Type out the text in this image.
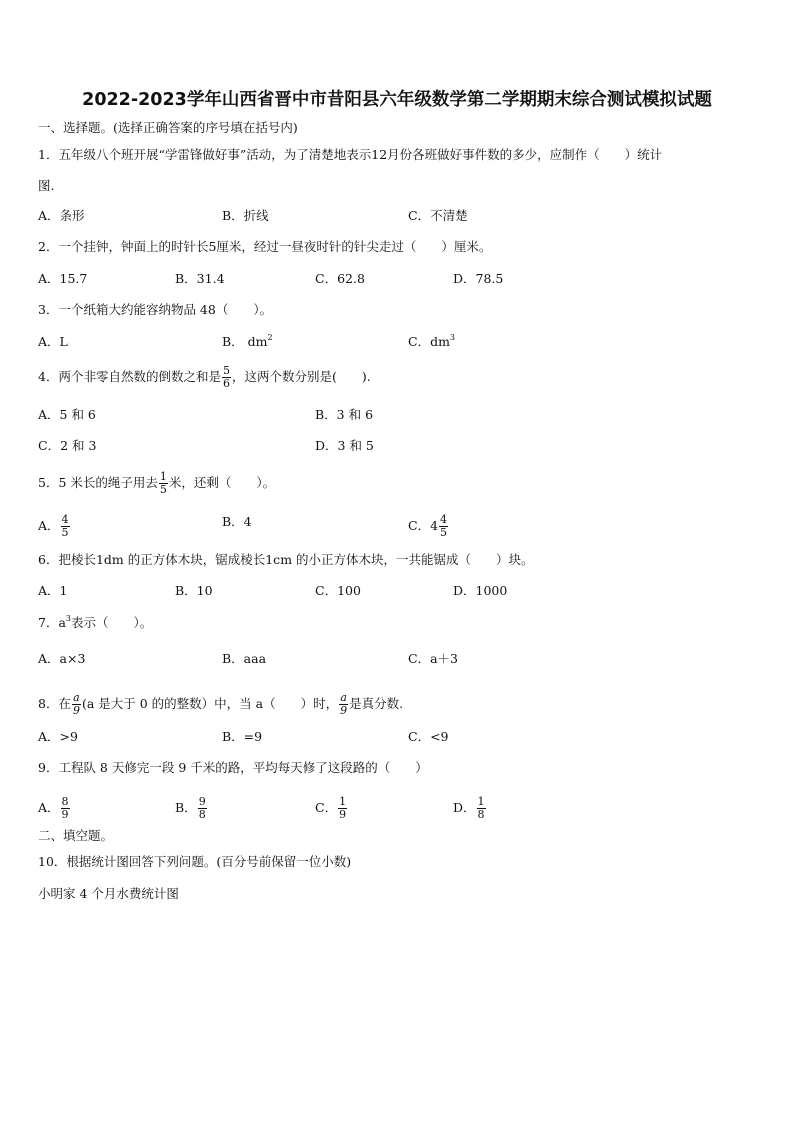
2022-2023学年山西省晋中市昔阳县六年级数学第二学期期末综合测试模拟试题
一、选择题。(选择正确答案的序号填在括号内)
1．五年级八个班开展“学雷锋做好事”活动，为了清楚地表示12月份各班做好事件数的多少，应制作（　　）统计
图.
A．条形	B．折线	C．不清楚
2．一个挂钟，钟面上的时针长5厘米，经过一昼夜时针的针尖走过（　　）厘米。
A．15.7	B．31.4	C．62.8	D．78.5
3．一个纸箱大约能容纳物品 48（　　）。
A．L	B． $dm^2$	C．$dm^3$
4．两个非零自然数的倒数之和是 $\frac{5}{6}$ ，这两个数分别是(　　).
A．5 和 6	B．3 和 6
C．2 和 3	D．3 和 5
5．5 米长的绳子用去 $\frac{1}{5}$ 米，还剩（　　）。
A． $\frac{4}{5}$	B．4	C．$4 \frac{4}{5}$
6．把棱长1dm 的正方体木块，锯成棱长1cm 的小正方体木块，一共能锯成（　　）块。
A．1	B．10	C．100	D．1000
7．$a^3$表示（　　）。
A．a×3	B．aaa	C．a＋3
8．在 $\frac{a}{9} (a$ 是大于 0 的的整数）中，当 a（　　）时， $\frac{a}{9}$ 是真分数.
A．>9	B．=9	C．<9
9．工程队 8 天修完一段 9 千米的路，平均每天修了这段路的（　　）
A． $\frac{8}{9}$	B． $\frac{9}{8}$	C． $\frac{1}{9}$	D． $\frac{1}{8}$
二、填空题。
10．根据统计图回答下列问题。(百分号前保留一位小数)
小明家 4 个月水费统计图
